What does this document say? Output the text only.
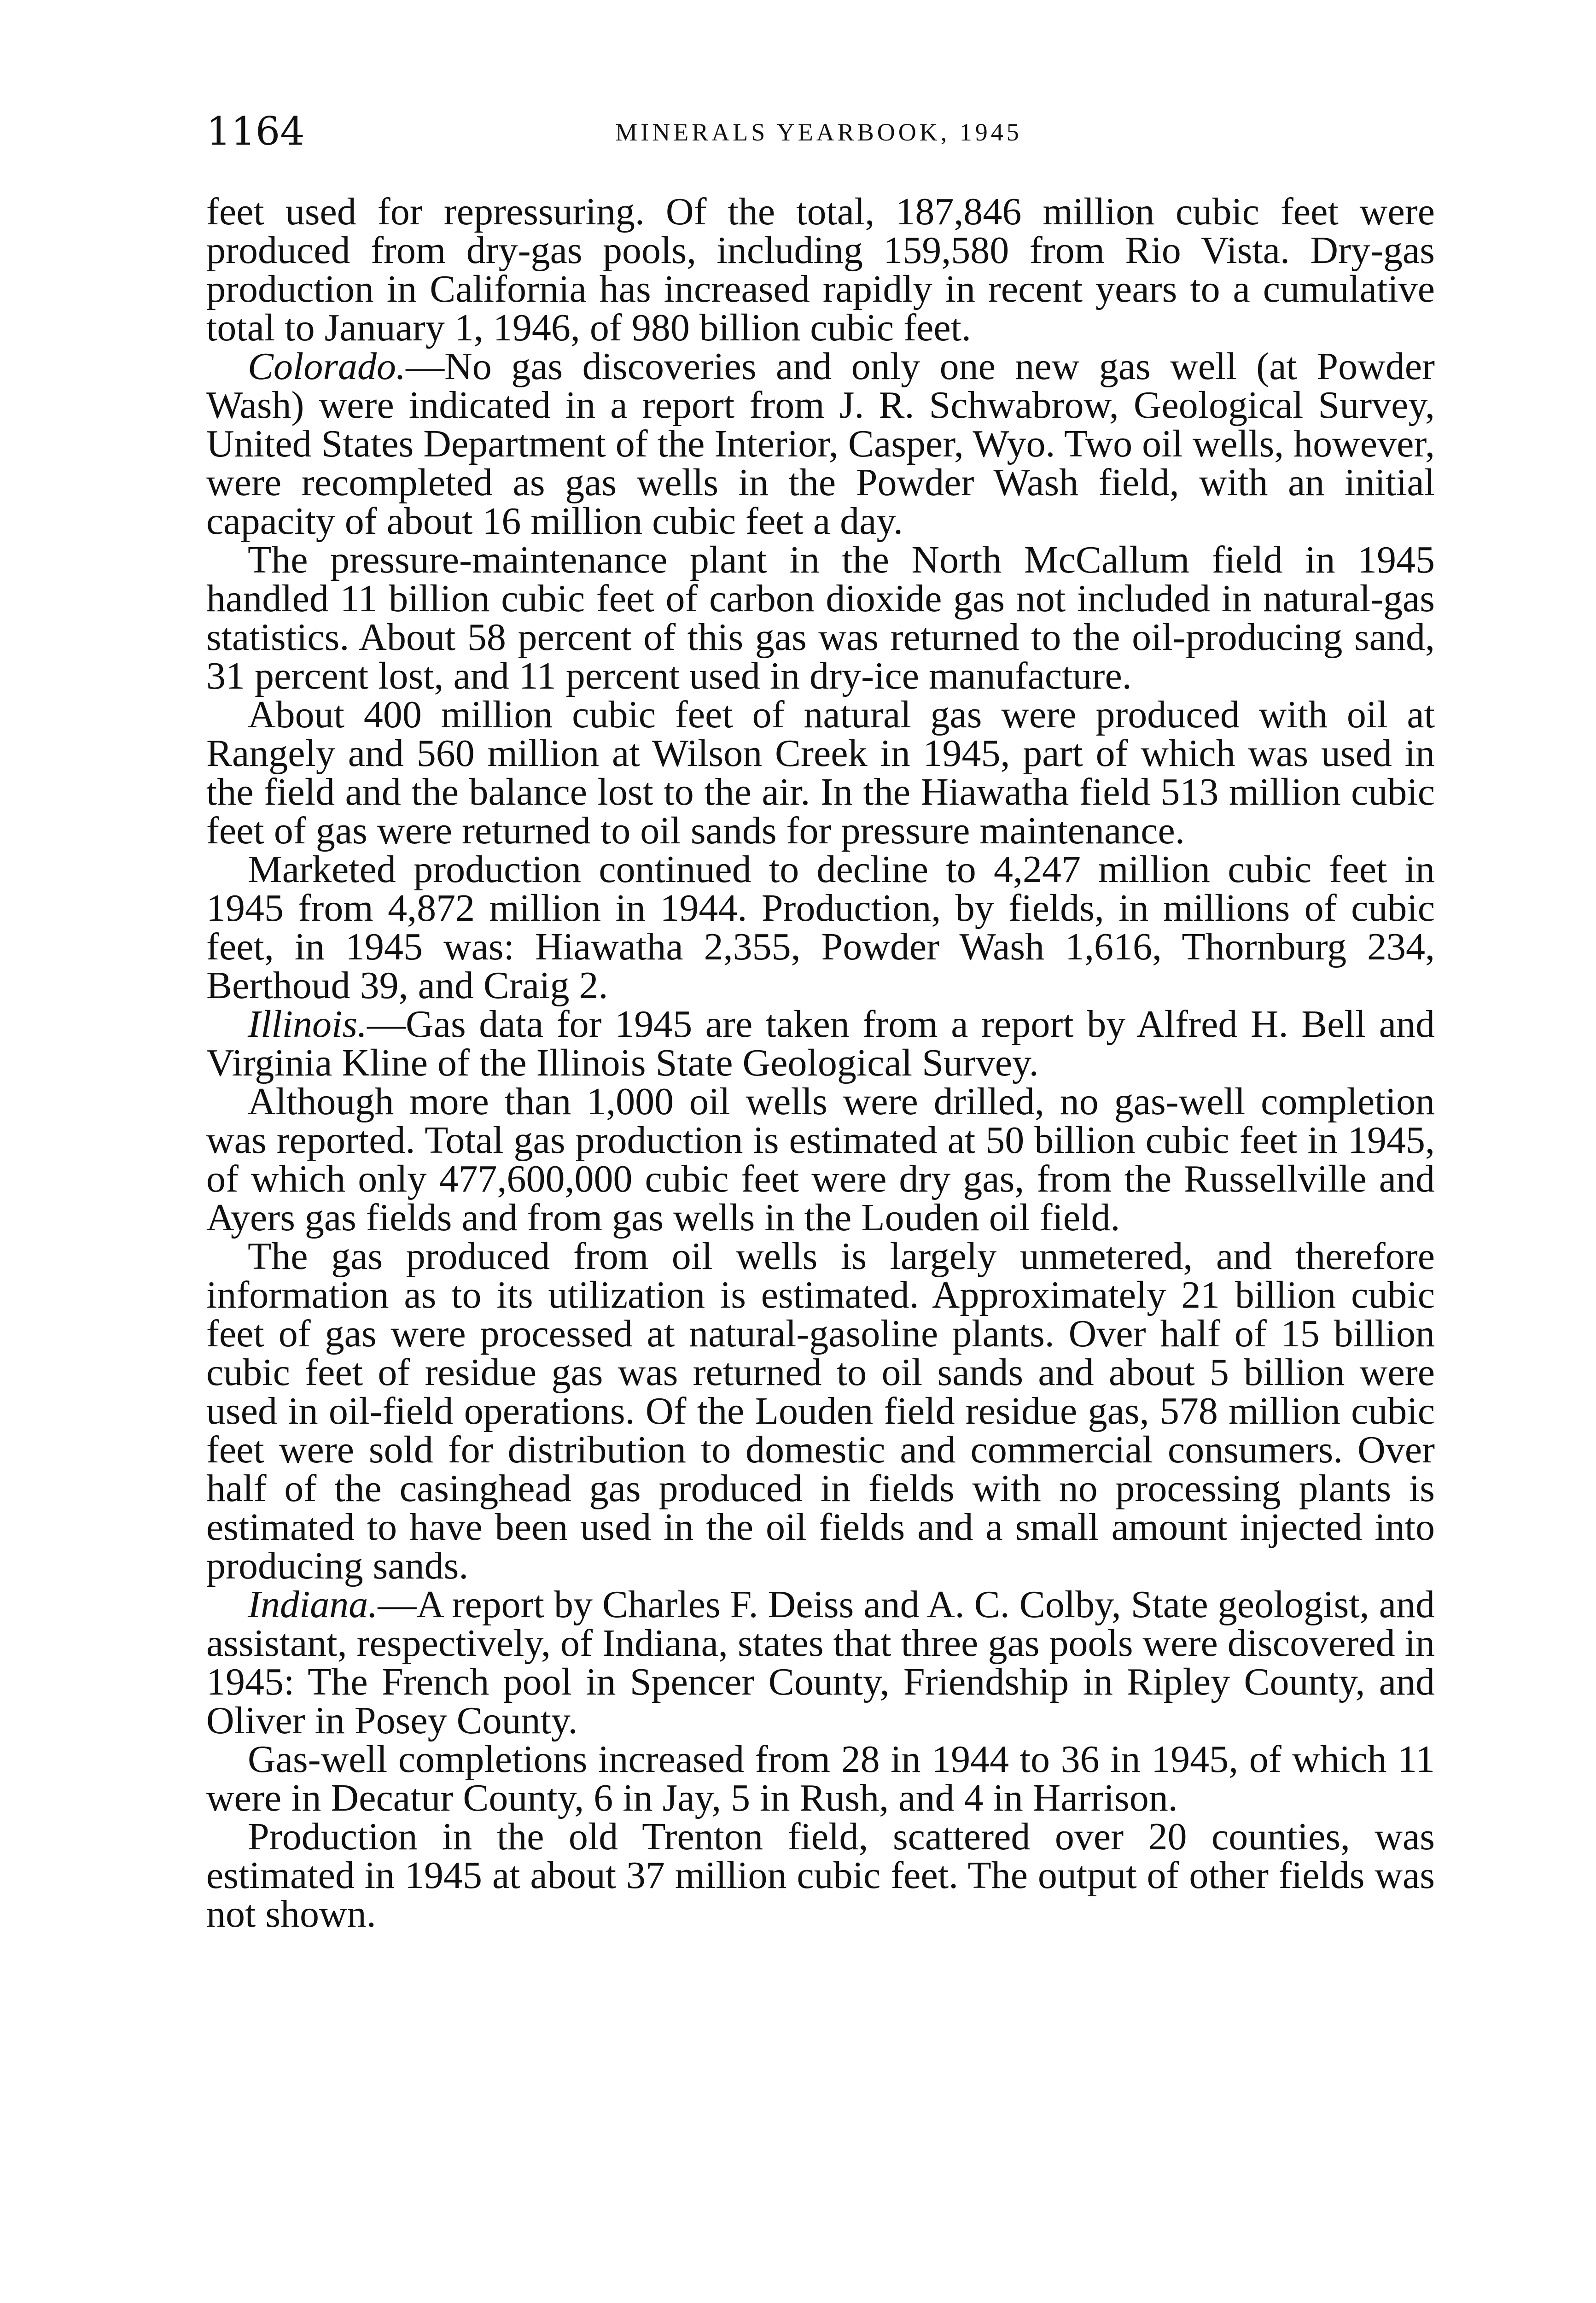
1164	MINERALS YEARBOOK, 1945

feet used for repressuring. Of the total, 187,846 million cubic feet were produced from dry-gas pools, including 159,580 from Rio Vista. Dry-gas production in California has increased rapidly in recent years to a cumulative total to January 1, 1946, of 980 billion cubic feet.

Colorado.—No gas discoveries and only one new gas well (at Powder Wash) were indicated in a report from J. R. Schwabrow, Geological Survey, United States Department of the Interior, Casper, Wyo. Two oil wells, however, were recompleted as gas wells in the Powder Wash field, with an initial capacity of about 16 million cubic feet a day.

The pressure-maintenance plant in the North McCallum field in 1945 handled 11 billion cubic feet of carbon dioxide gas not included in natural-gas statistics. About 58 percent of this gas was returned to the oil-producing sand, 31 percent lost, and 11 percent used in dry-ice manufacture.

About 400 million cubic feet of natural gas were produced with oil at Rangely and 560 million at Wilson Creek in 1945, part of which was used in the field and the balance lost to the air. In the Hiawatha field 513 million cubic feet of gas were returned to oil sands for pressure maintenance.

Marketed production continued to decline to 4,247 million cubic feet in 1945 from 4,872 million in 1944. Production, by fields, in millions of cubic feet, in 1945 was: Hiawatha 2,355, Powder Wash 1,616, Thornburg 234, Berthoud 39, and Craig 2.

Illinois.—Gas data for 1945 are taken from a report by Alfred H. Bell and Virginia Kline of the Illinois State Geological Survey.

Although more than 1,000 oil wells were drilled, no gas-well completion was reported. Total gas production is estimated at 50 billion cubic feet in 1945, of which only 477,600,000 cubic feet were dry gas, from the Russellville and Ayers gas fields and from gas wells in the Louden oil field.

The gas produced from oil wells is largely unmetered, and therefore information as to its utilization is estimated. Approximately 21 billion cubic feet of gas were processed at natural-gasoline plants. Over half of 15 billion cubic feet of residue gas was returned to oil sands and about 5 billion were used in oil-field operations. Of the Louden field residue gas, 578 million cubic feet were sold for distribution to domestic and commercial consumers. Over half of the casinghead gas produced in fields with no processing plants is estimated to have been used in the oil fields and a small amount injected into producing sands.

Indiana.—A report by Charles F. Deiss and A. C. Colby, State geologist, and assistant, respectively, of Indiana, states that three gas pools were discovered in 1945: The French pool in Spencer County, Friendship in Ripley County, and Oliver in Posey County.

Gas-well completions increased from 28 in 1944 to 36 in 1945, of which 11 were in Decatur County, 6 in Jay, 5 in Rush, and 4 in Harrison.

Production in the old Trenton field, scattered over 20 counties, was estimated in 1945 at about 37 million cubic feet. The output of other fields was not shown.
